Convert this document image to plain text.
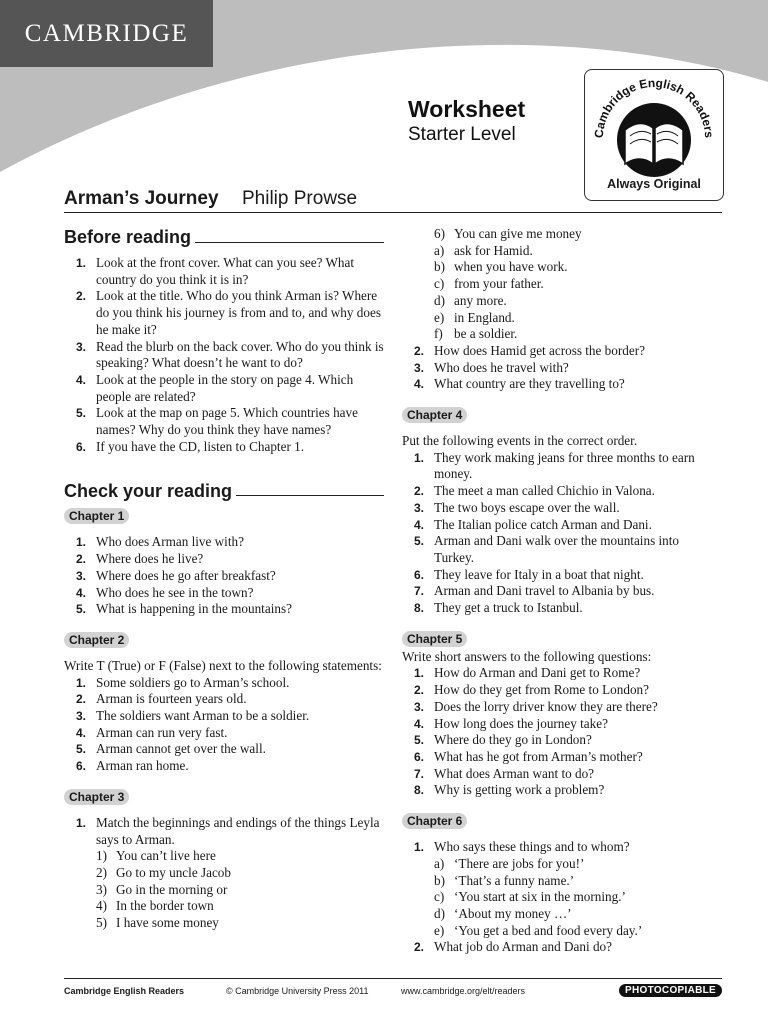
CAMBRIDGE
Worksheet
Starter Level	Cambridge English Readers
Always Original
Arman’s Journey Philip Prowse
Before reading
1. Look at the front cover. What can you see? What country do you think it is in?
2. Look at the title. Who do you think Arman is? Where do you think his journey is from and to, and why does he make it?
3. Read the blurb on the back cover. Who do you think is speaking? What doesn’t he want to do?
4. Look at the people in the story on page 4. Which people are related?
5. Look at the map on page 5. Which countries have names? Why do you think they have names?
6. If you have the CD, listen to Chapter 1.
Check your reading
Chapter 1
1. Who does Arman live with?
2. Where does he live?
3. Where does he go after breakfast?
4. Who does he see in the town?
5. What is happening in the mountains?
Chapter 2

Write T (True) or F (False) next to the following statements:

1. Some soldiers go to Arman’s school.
2. Arman is fourteen years old.
3. The soldiers want Arman to be a soldier.
4. Arman can run very fast.
5. Arman cannot get over the wall.
6. Arman ran home.
Chapter 3
1. Match the beginnings and endings of the things Leyla says to Arman.
1) You can’t live here
2) Go to my uncle Jacob
3) Go in the morning or
4) In the border town
5) I have some money
6) You can give me money
a) ask for Hamid.
b) when you have work.
c) from your father.
d) any more.
e) in England.
f) be a soldier.
2. How does Hamid get across the border?
3. Who does he travel with?
4. What country are they travelling to?
Chapter 4

Put the following events in the correct order.

1. They work making jeans for three months to earn money.
2. The meet a man called Chichio in Valona.
3. The two boys escape over the wall.
4. The Italian police catch Arman and Dani.
5. Arman and Dani walk over the mountains into Turkey.
6. They leave for Italy in a boat that night.
7. Arman and Dani travel to Albania by bus.
8. They get a truck to Istanbul.
Chapter 5

Write short answers to the following questions:

1. How do Arman and Dani get to Rome?
2. How do they get from Rome to London?
3. Does the lorry driver know they are there?
4. How long does the journey take?
5. Where do they go in London?
6. What has he got from Arman’s mother?
7. What does Arman want to do?
8. Why is getting work a problem?
Chapter 6
1. Who says these things and to whom?
a) ‘There are jobs for you!’
b) ‘That’s a funny name.’
c) ‘You start at six in the morning.’
d) ‘About my money …’
e) ‘You get a bed and food every day.’
2. What job do Arman and Dani do?
Cambridge English Readers	© Cambridge University Press 2011	www.cambridge.org/elt/readers	PHOTOCOPIABLE
